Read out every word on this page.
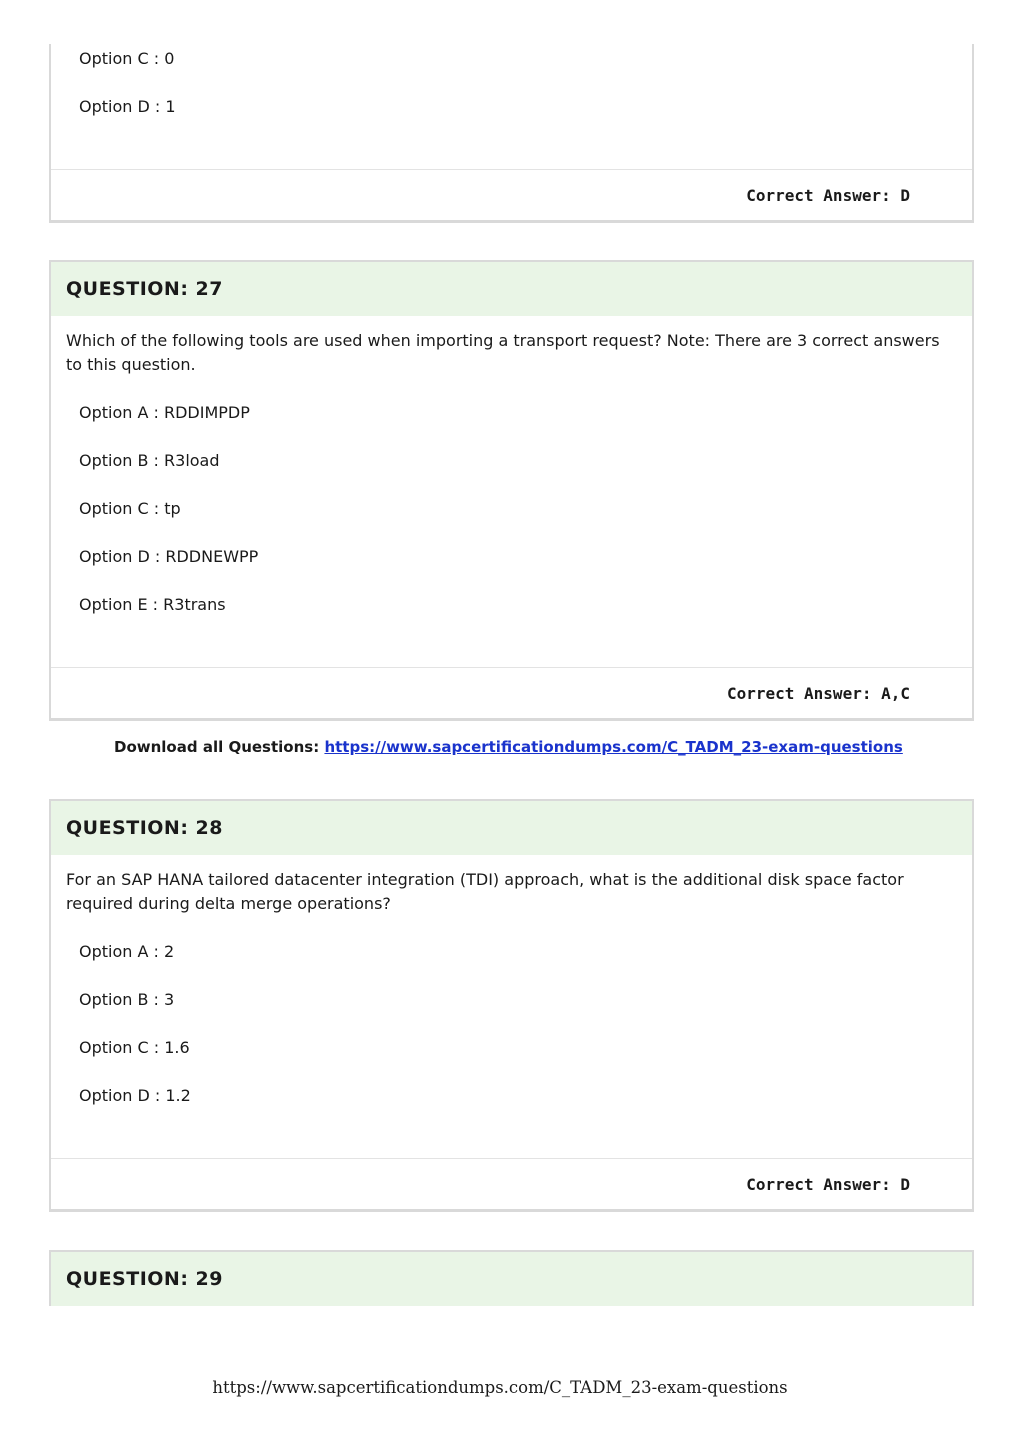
Option C : 0
Option D : 1
Correct Answer: D
QUESTION: 27
Which of the following tools are used when importing a transport request? Note: There are 3 correct answers to this question.
Option A : RDDIMPDP
Option B : R3load
Option C : tp
Option D : RDDNEWPP
Option E : R3trans
Correct Answer: A,C
Download all Questions: https://www.sapcertificationdumps.com/C_TADM_23-exam-questions
QUESTION: 28
For an SAP HANA tailored datacenter integration (TDI) approach, what is the additional disk space factor required during delta merge operations?
Option A : 2
Option B : 3
Option C : 1.6
Option D : 1.2
Correct Answer: D
QUESTION: 29
https://www.sapcertificationdumps.com/C_TADM_23-exam-questions
